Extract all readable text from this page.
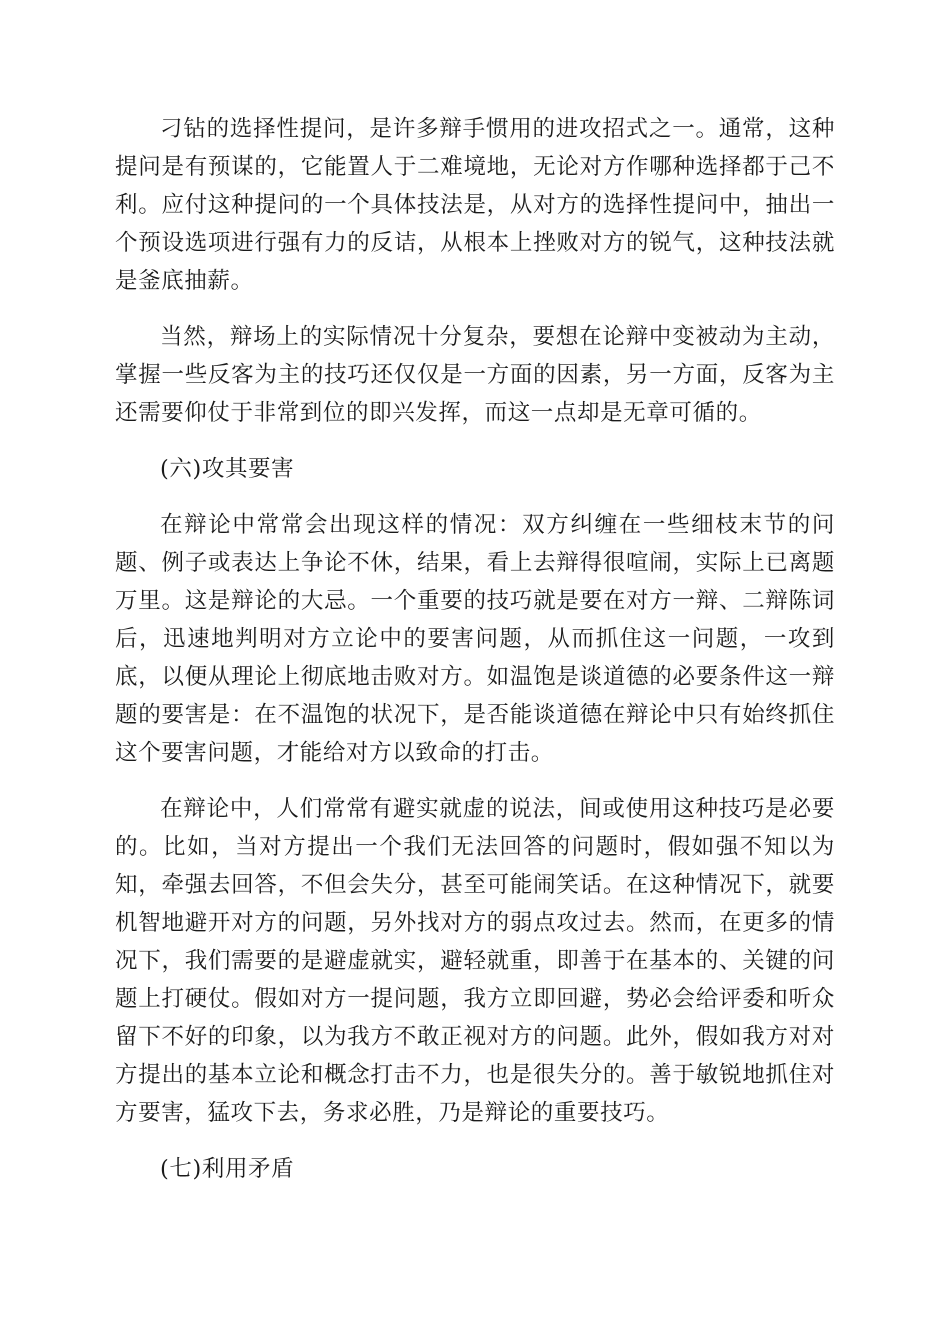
刁钻的选择性提问，是许多辩手惯用的进攻招式之一。通常，这种提问是有预谋的，它能置人于二难境地，无论对方作哪种选择都于己不利。应付这种提问的一个具体技法是，从对方的选择性提问中，抽出一个预设选项进行强有力的反诘，从根本上挫败对方的锐气，这种技法就是釜底抽薪。

当然，辩场上的实际情况十分复杂，要想在论辩中变被动为主动，掌握一些反客为主的技巧还仅仅是一方面的因素，另一方面，反客为主还需要仰仗于非常到位的即兴发挥，而这一点却是无章可循的。

(六)攻其要害

在辩论中常常会出现这样的情况：双方纠缠在一些细枝末节的问题、例子或表达上争论不休，结果，看上去辩得很喧闹，实际上已离题万里。这是辩论的大忌。一个重要的技巧就是要在对方一辩、二辩陈词后，迅速地判明对方立论中的要害问题，从而抓住这一问题，一攻到底，以便从理论上彻底地击败对方。如温饱是谈道德的必要条件这一辩题的要害是：在不温饱的状况下，是否能谈道德在辩论中只有始终抓住这个要害问题，才能给对方以致命的打击。

在辩论中，人们常常有避实就虚的说法，间或使用这种技巧是必要的。比如，当对方提出一个我们无法回答的问题时，假如强不知以为知，牵强去回答，不但会失分，甚至可能闹笑话。在这种情况下，就要机智地避开对方的问题，另外找对方的弱点攻过去。然而，在更多的情况下，我们需要的是避虚就实，避轻就重，即善于在基本的、关键的问题上打硬仗。假如对方一提问题，我方立即回避，势必会给评委和听众留下不好的印象，以为我方不敢正视对方的问题。此外，假如我方对对方提出的基本立论和概念打击不力，也是很失分的。善于敏锐地抓住对方要害，猛攻下去，务求必胜，乃是辩论的重要技巧。

(七)利用矛盾
